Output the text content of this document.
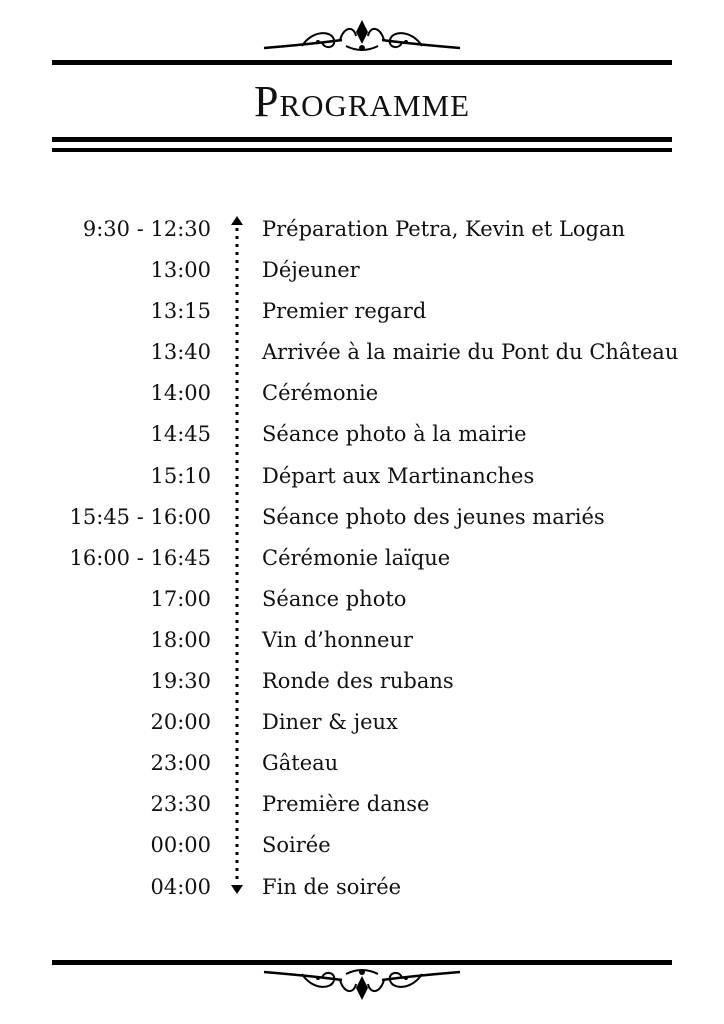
Programme
9:30 - 12:30 Préparation Petra, Kevin et Logan
13:00 Déjeuner
13:15 Premier regard
13:40 Arrivée à la mairie du Pont du Château
14:00 Cérémonie
14:45 Séance photo à la mairie
15:10 Départ aux Martinanches
15:45 - 16:00 Séance photo des jeunes mariés
16:00 - 16:45 Cérémonie laïque
17:00 Séance photo
18:00 Vin d’honneur
19:30 Ronde des rubans
20:00 Diner & jeux
23:00 Gâteau
23:30 Première danse
00:00 Soirée
04:00 Fin de soirée
